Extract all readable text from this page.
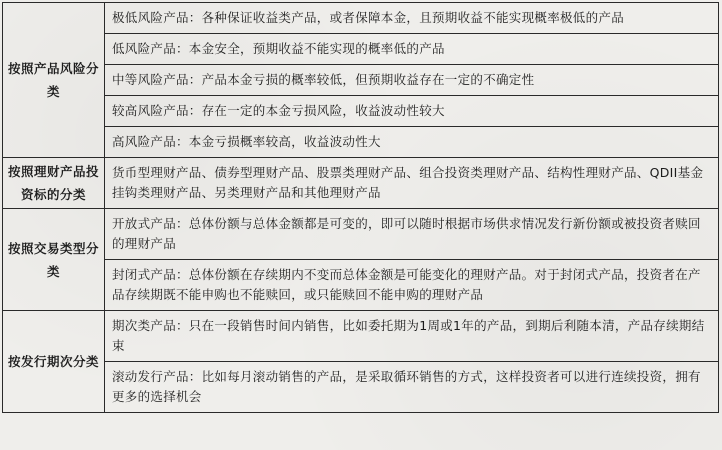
按照产品风险分类	极低风险产品：各种保证收益类产品，或者保障本金，且预期收益不能实现概率极低的产品
	低风险产品：本金安全，预期收益不能实现的概率低的产品
	中等风险产品：产品本金亏损的概率较低，但预期收益存在一定的不确定性
	较高风险产品：存在一定的本金亏损风险，收益波动性较大
	高风险产品：本金亏损概率较高，收益波动性大
按照理财产品投资标的分类	货币型理财产品、债券型理财产品、股票类理财产品、组合投资类理财产品、结构性理财产品、QDII基金挂钩类理财产品、另类理财产品和其他理财产品
按照交易类型分类	开放式产品：总体份额与总体金额都是可变的，即可以随时根据市场供求情况发行新份额或被投资者赎回的理财产品
	封闭式产品：总体份额在存续期内不变而总体金额是可能变化的理财产品。对于封闭式产品，投资者在产品存续期既不能申购也不能赎回，或只能赎回不能申购的理财产品
按发行期次分类	期次类产品：只在一段销售时间内销售，比如委托期为1周或1年的产品，到期后利随本清，产品存续期结束
	滚动发行产品：比如每月滚动销售的产品，是采取循环销售的方式，这样投资者可以进行连续投资，拥有更多的选择机会
